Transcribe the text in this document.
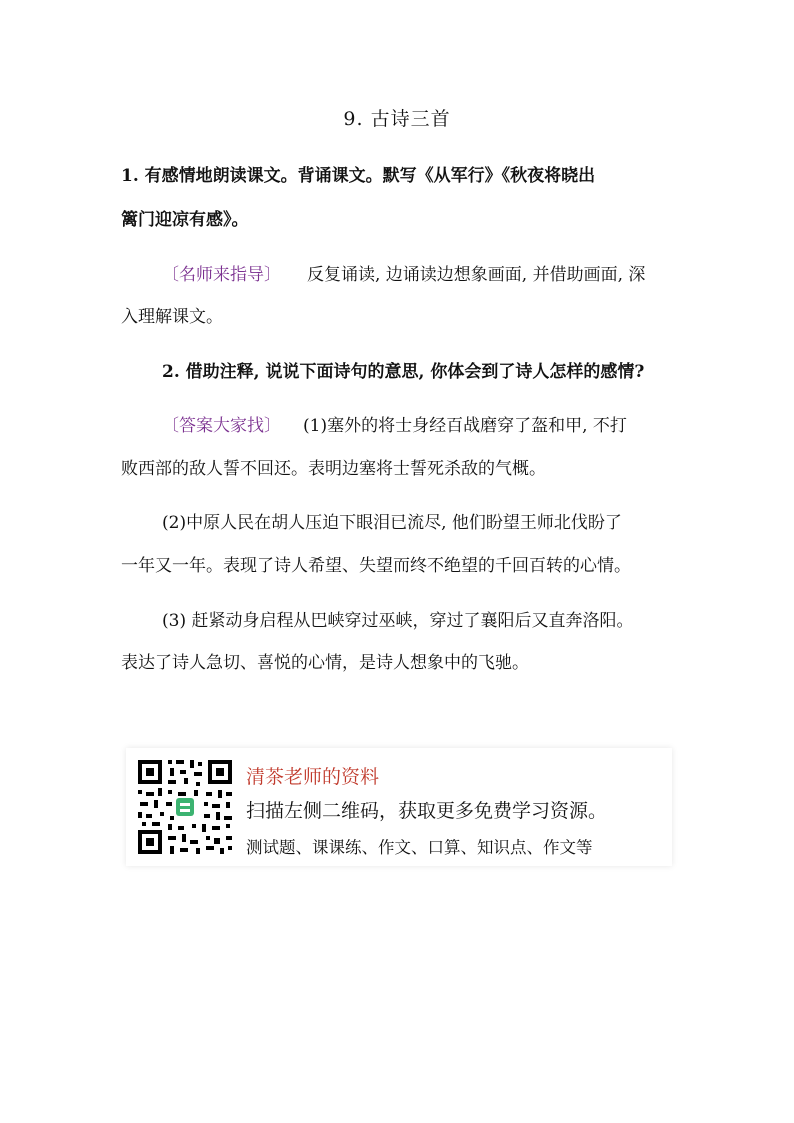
9. 古诗三首
1. 有感情地朗读课文。背诵课文。默写《从军行》《秋夜将晓出
篱门迎凉有感》。
〔名师来指导〕 反复诵读, 边诵读边想象画面, 并借助画面, 深
入理解课文。
2. 借助注释, 说说下面诗句的意思, 你体会到了诗人怎样的感情?
〔答案大家找〕 (1)塞外的将士身经百战磨穿了盔和甲, 不打
败西部的敌人誓不回还。表明边塞将士誓死杀敌的气概。
(2)中原人民在胡人压迫下眼泪已流尽, 他们盼望王师北伐盼了
一年又一年。表现了诗人希望、失望而终不绝望的千回百转的心情。
(3) 赶紧动身启程从巴峡穿过巫峡，穿过了襄阳后又直奔洛阳。
表达了诗人急切、喜悦的心情，是诗人想象中的飞驰。
清茶老师的资料
扫描左侧二维码，获取更多免费学习资源。
测试题、课课练、作文、口算、知识点、作文等
